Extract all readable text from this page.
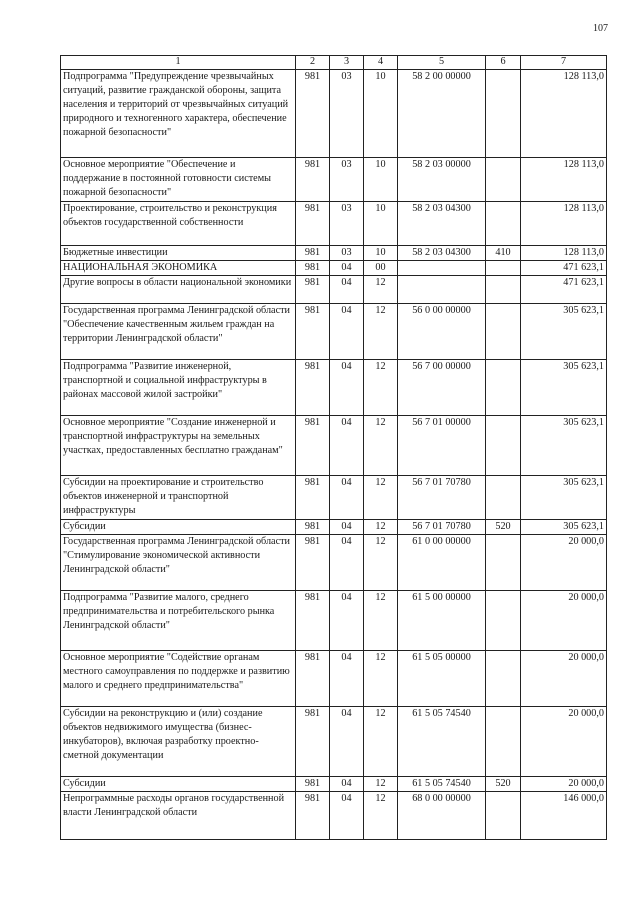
107
1	2	3	4	5	6	7
Подпрограмма "Предупреждение чрезвычайных ситуаций, развитие гражданской обороны, защита населения и территорий от чрезвычайных ситуаций природного и техногенного характера, обеспечение пожарной безопасности"	981	03	10	58 2 00 00000		128 113,0
Основное мероприятие "Обеспечение и поддержание в постоянной готовности системы пожарной безопасности"	981	03	10	58 2 03 00000		128 113,0
Проектирование, строительство и реконструкция объектов государственной собственности	981	03	10	58 2 03 04300		128 113,0
Бюджетные инвестиции	981	03	10	58 2 03 04300	410	128 113,0
НАЦИОНАЛЬНАЯ ЭКОНОМИКА	981	04	00			471 623,1
Другие вопросы в области национальной экономики	981	04	12			471 623,1
Государственная программа Ленинградской области "Обеспечение качественным жильем граждан на территории Ленинградской области"	981	04	12	56 0 00 00000		305 623,1
Подпрограмма "Развитие инженерной, транспортной и социальной инфраструктуры в районах массовой жилой застройки"	981	04	12	56 7 00 00000		305 623,1
Основное мероприятие "Создание инженерной и транспортной инфраструктуры на земельных участках, предоставленных бесплатно гражданам"	981	04	12	56 7 01 00000		305 623,1
Субсидии на проектирование и строительство объектов инженерной и транспортной инфраструктуры	981	04	12	56 7 01 70780		305 623,1
Субсидии	981	04	12	56 7 01 70780	520	305 623,1
Государственная программа Ленинградской области "Стимулирование экономической активности Ленинградской области"	981	04	12	61 0 00 00000		20 000,0
Подпрограмма "Развитие малого, среднего предпринимательства и потребительского рынка Ленинградской области"	981	04	12	61 5 00 00000		20 000,0
Основное мероприятие "Содействие органам местного самоуправления по поддержке и развитию малого и среднего предпринимательства"	981	04	12	61 5 05 00000		20 000,0
Субсидии на реконструкцию и (или) создание объектов недвижимого имущества (бизнес-инкубаторов), включая разработку проектно-сметной документации	981	04	12	61 5 05 74540		20 000,0
Субсидии	981	04	12	61 5 05 74540	520	20 000,0
Непрограммные расходы органов государственной власти Ленинградской области	981	04	12	68 0 00 00000		146 000,0
